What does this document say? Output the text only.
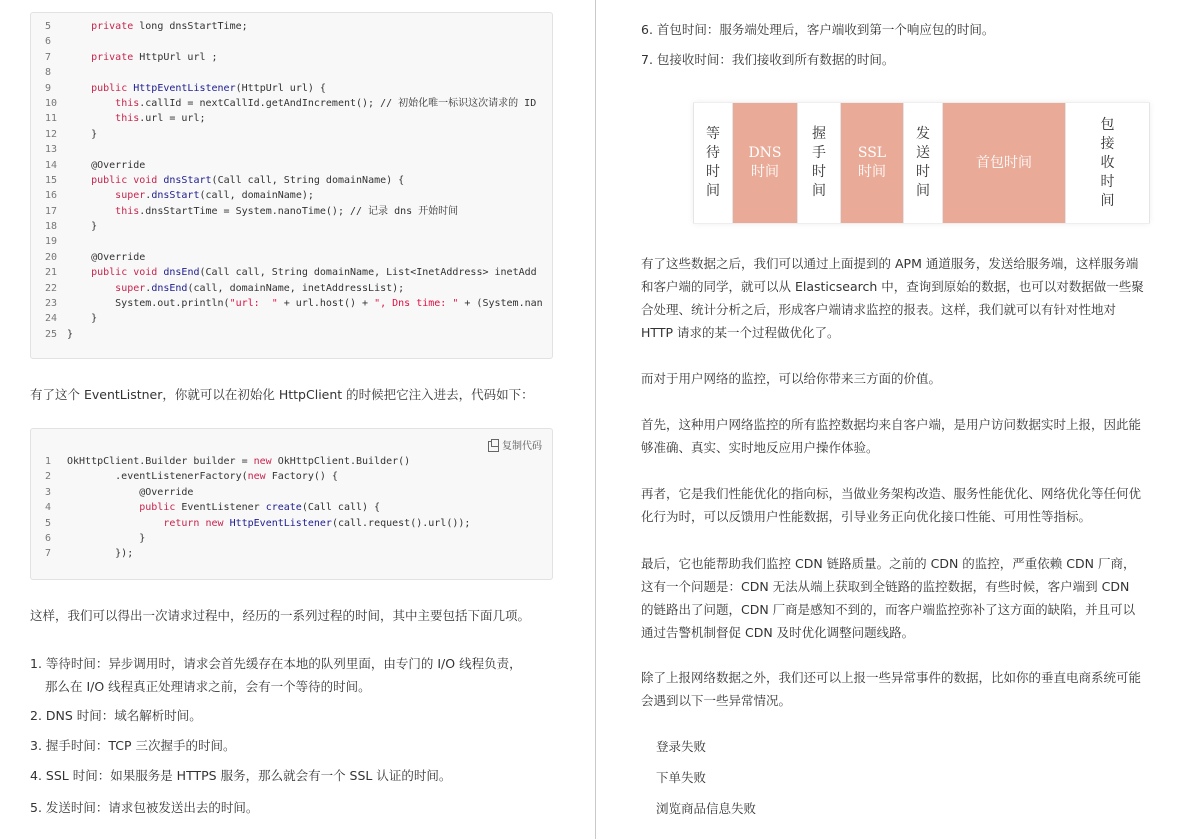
5	private long dnsStartTime;
6
7	private HttpUrl url ;
8
9	public HttpEventListener(HttpUrl url) {
10	this.callId = nextCallId.getAndIncrement(); // 初始化唯一标识这次请求的 ID
11	this.url = url;
12    }
13
14    @Override
15	public void dnsStart(Call call, String domainName) {
16	super.dnsStart(call, domainName);
17	this.dnsStartTime = System.nanoTime(); // 记录 dns 开始时间
18    }
19
20    @Override
21	public void dnsEnd(Call call, String domainName, List<InetAddress> inetAdd
22	super.dnsEnd(call, domainName, inetAddressList);
23        System.out.println("url:  " + url.host() + ", Dns time: " + (System.nan
24    }
25 }
有了这个 EventListner，你就可以在初始化 HttpClient 的时候把它注入进去，代码如下：
复制代码
1 OkHttpClient.Builder builder = new OkHttpClient.Builder()
2        .eventListenerFactory(new Factory() {
3            @Override
4	public EventListener create(Call call) {
5	return new HttpEventListener(call.request().url());
6            }
7        });
这样，我们可以得出一次请求过程中，经历的一系列过程的时间，其中主要包括下面几项。
1. 等待时间：异步调用时，请求会首先缓存在本地的队列里面，由专门的 I/O 线程负责，
那么在 I/O 线程真正处理请求之前，会有一个等待的时间。
2. DNS 时间：域名解析时间。
3. 握手时间：TCP 三次握手的时间。
4. SSL 时间：如果服务是 HTTPS 服务，那么就会有一个 SSL 认证的时间。
5. 发送时间：请求包被发送出去的时间。
6. 首包时间：服务端处理后，客户端收到第一个响应包的时间。
7. 包接收时间：我们接收到所有数据的时间。
等
待
时
间
DNS
时间
握
手
时
间
SSL
时间
发
送
时
间
首包时间
包
接
收
时
间
有了这些数据之后，我们可以通过上面提到的 APM 通道服务，发送给服务端，这样服务端
和客户端的同学，就可以从 Elasticsearch 中，查询到原始的数据，也可以对数据做一些聚
合处理、统计分析之后，形成客户端请求监控的报表。这样，我们就可以有针对性地对
HTTP 请求的某一个过程做优化了。
而对于用户网络的监控，可以给你带来三方面的价值。
首先，这种用户网络监控的所有监控数据均来自客户端，是用户访问数据实时上报，因此能
够准确、真实、实时地反应用户操作体验。
再者，它是我们性能优化的指向标，当做业务架构改造、服务性能优化、网络优化等任何优
化行为时，可以反馈用户性能数据，引导业务正向优化接口性能、可用性等指标。
最后，它也能帮助我们监控 CDN 链路质量。之前的 CDN 的监控，严重依赖 CDN 厂商，
这有一个问题是：CDN 无法从端上获取到全链路的监控数据，有些时候，客户端到 CDN
的链路出了问题，CDN 厂商是感知不到的，而客户端监控弥补了这方面的缺陷，并且可以
通过告警机制督促 CDN 及时优化调整问题线路。
除了上报网络数据之外，我们还可以上报一些异常事件的数据，比如你的垂直电商系统可能
会遇到以下一些异常情况。
登录失败
下单失败
浏览商品信息失败
